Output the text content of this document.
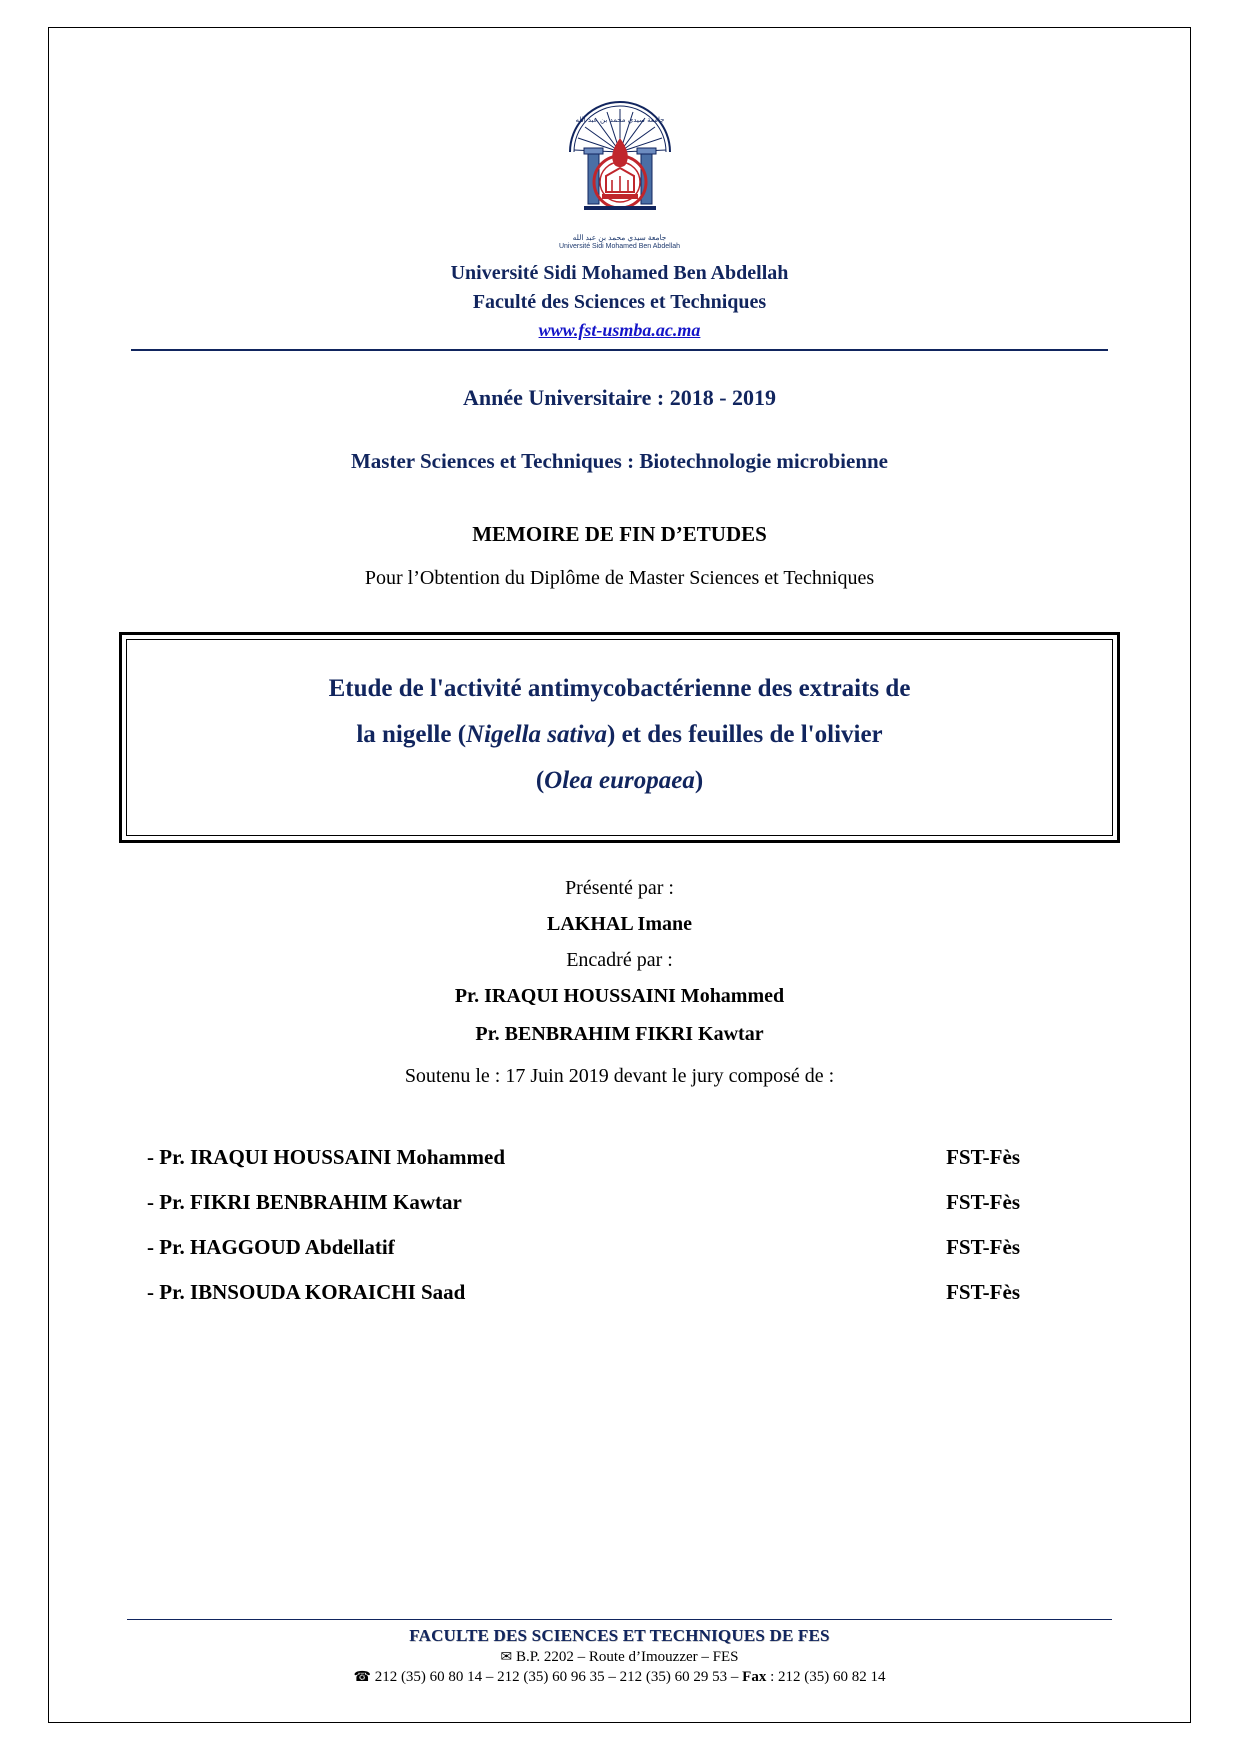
جامعة سيدي محمد بن عبد الله
جامعة سيدي محمد بن عبد الله
Université Sidi Mohamed Ben Abdellah
Université Sidi Mohamed Ben Abdellah
Faculté des Sciences et Techniques
www.fst-usmba.ac.ma
Année Universitaire : 2018 - 2019
Master Sciences et Techniques : Biotechnologie microbienne
MEMOIRE DE FIN D’ETUDES
Pour l’Obtention du Diplôme de Master Sciences et Techniques
Etude de l'activité antimycobactérienne des extraits de
la nigelle (Nigella sativa) et des feuilles de l'olivier
(Olea europaea)
Présenté par :
LAKHAL Imane
Encadré par :
Pr. IRAQUI HOUSSAINI Mohammed
Pr. BENBRAHIM FIKRI Kawtar
Soutenu le : 17 Juin 2019 devant le jury composé de :
- Pr. IRAQUI HOUSSAINI Mohammed	FST-Fès
- Pr. FIKRI BENBRAHIM Kawtar	FST-Fès
- Pr. HAGGOUD Abdellatif	FST-Fès
- Pr. IBNSOUDA KORAICHI Saad	FST-Fès
FACULTE DES SCIENCES ET TECHNIQUES DE FES
✉ B.P. 2202 – Route d’Imouzzer – FES
☎ 212 (35) 60 80 14 – 212 (35) 60 96 35 – 212 (35) 60 29 53 – Fax : 212 (35) 60 82 14
